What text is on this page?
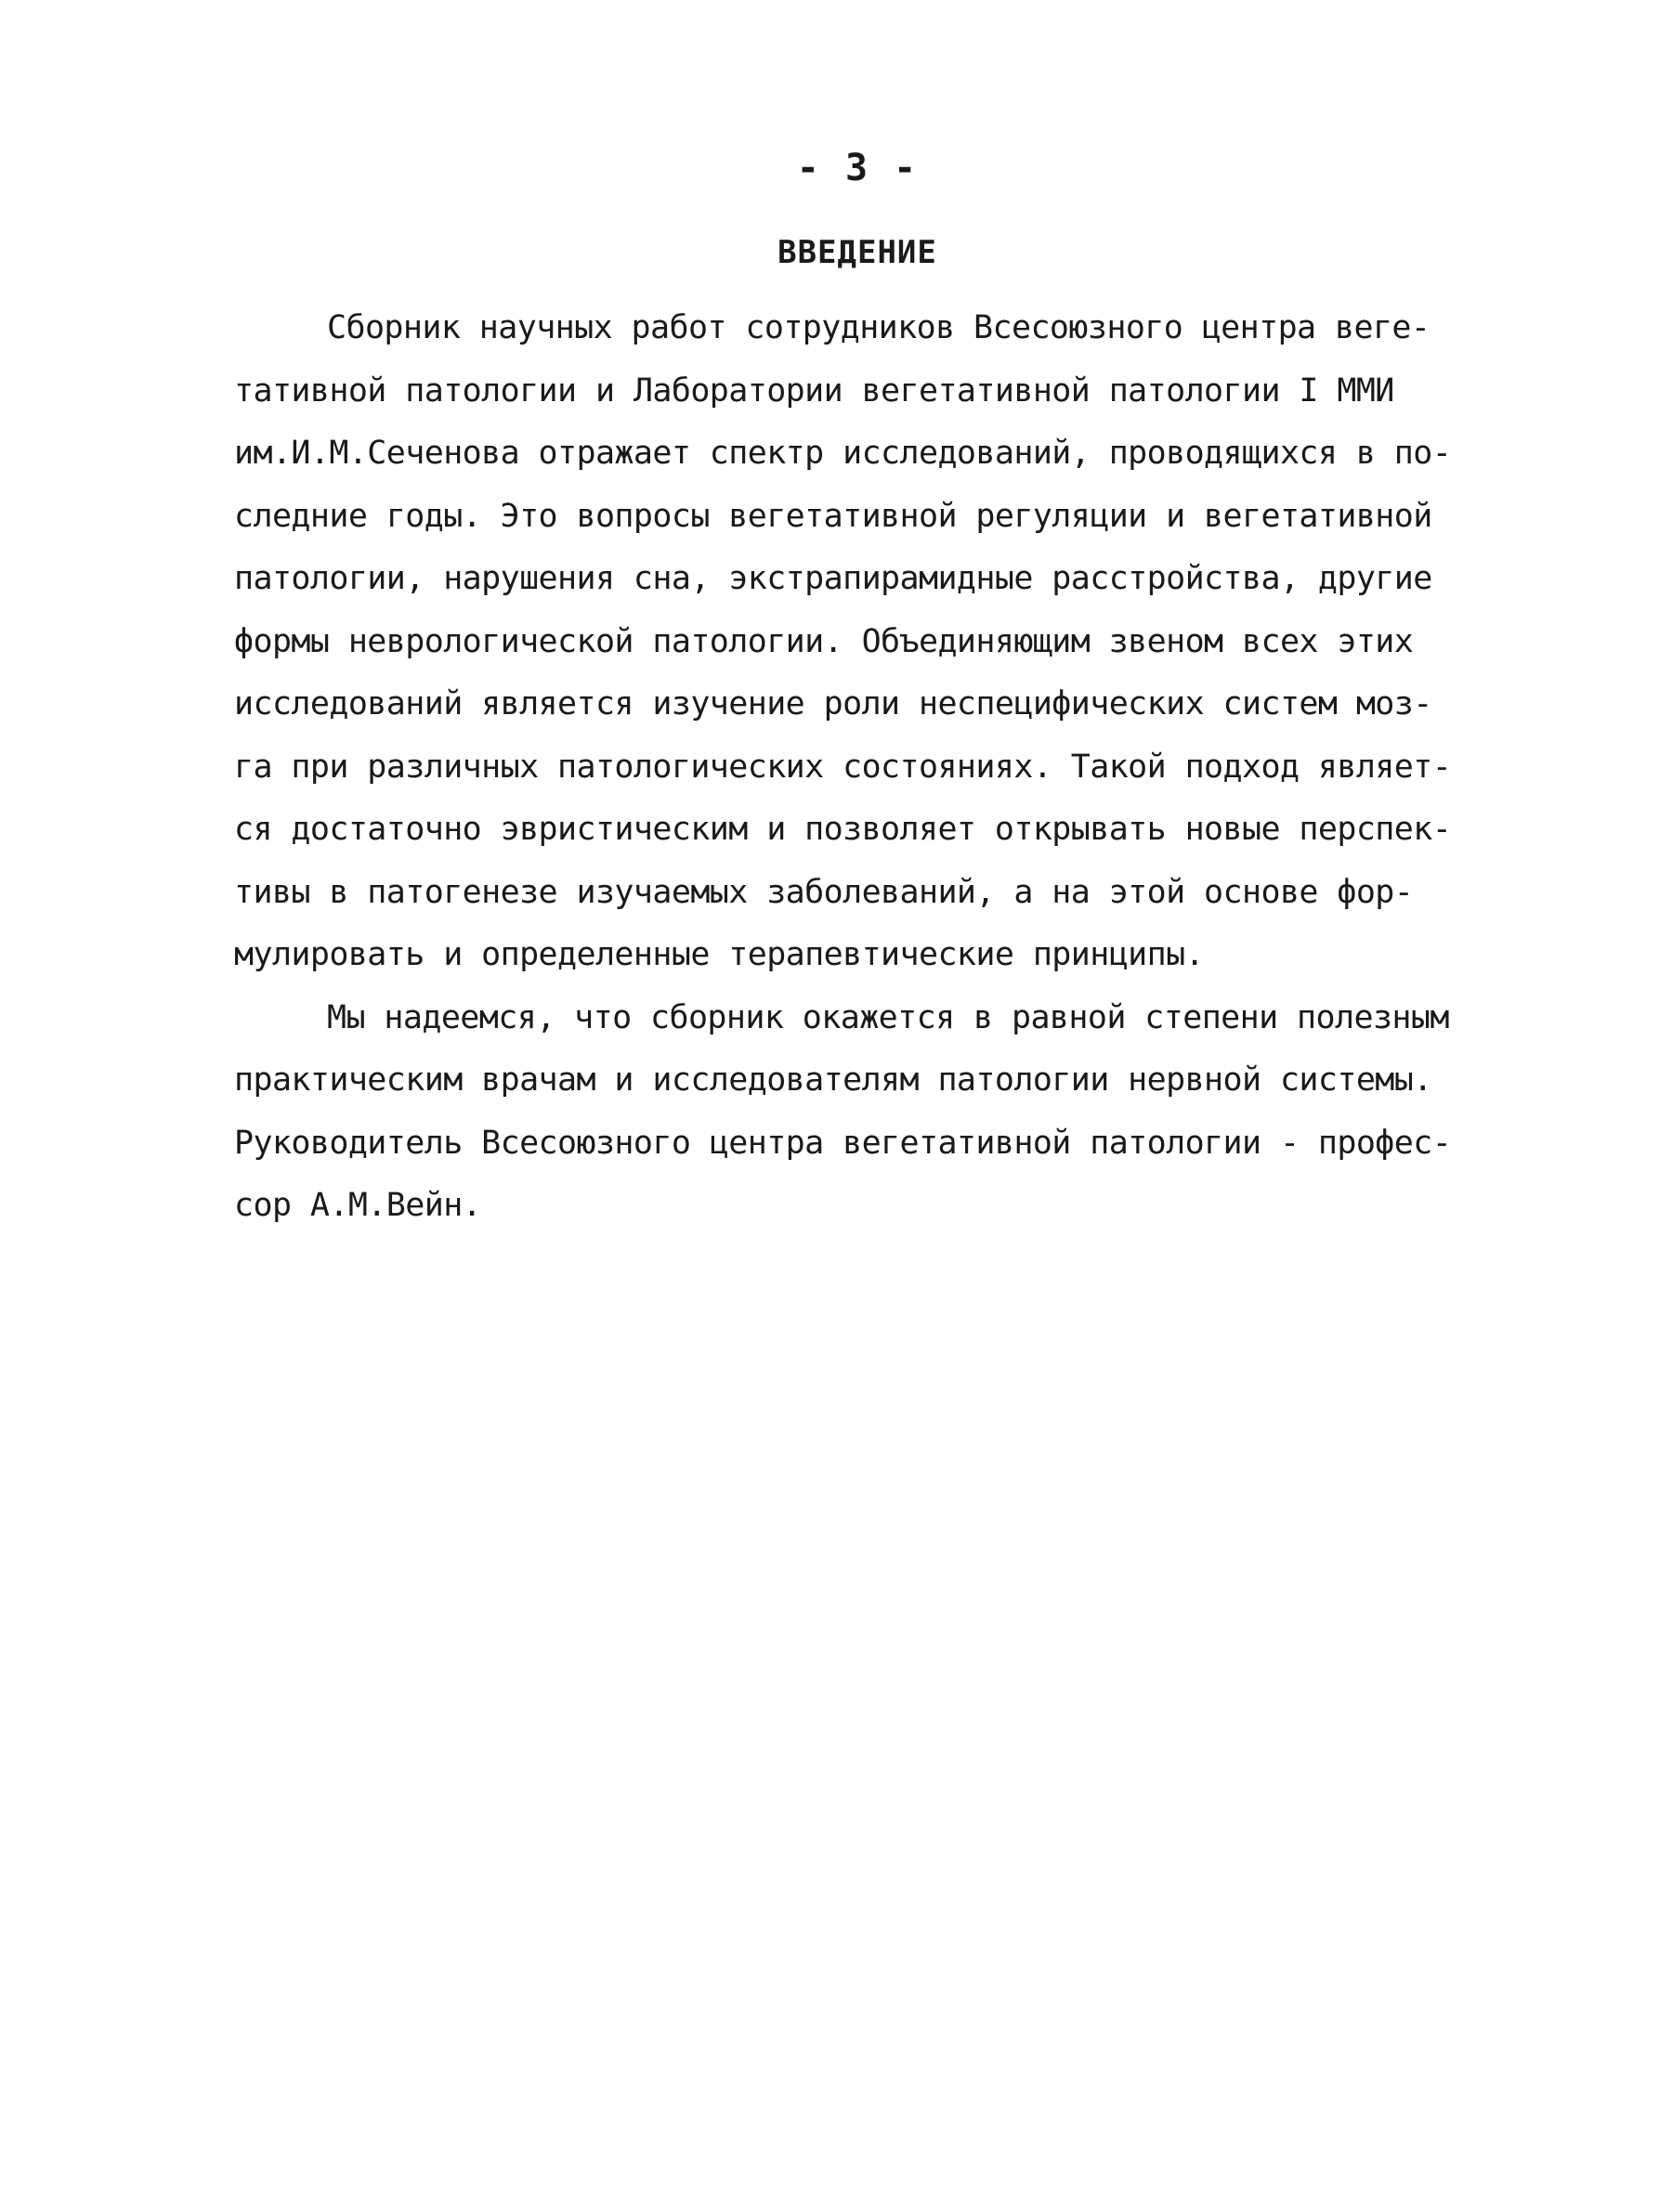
- 3 -
ВВЕДЕНИЕ
Сборник научных работ сотрудников Всесоюзного центра веге-
тативной патологии и Лаборатории вегетативной патологии I ММИ
им.И.М.Сеченова отражает спектр исследований, проводящихся в по-
следние годы. Это вопросы вегетативной регуляции и вегетативной
патологии, нарушения сна, экстрапирамидные расстройства, другие
формы неврологической патологии. Объединяющим звеном всех этих
исследований является изучение роли неспецифических систем моз-
га при различных патологических состояниях. Такой подход являет-
ся достаточно эвристическим и позволяет открывать новые перспек-
тивы в патогенезе изучаемых заболеваний, а на этой основе фор-
мулировать и определенные терапевтические принципы.
Мы надеемся, что сборник окажется в равной степени полезным
практическим врачам и исследователям патологии нервной системы.
Руководитель Всесоюзного центра вегетативной патологии - профес-
сор А.М.Вейн.
